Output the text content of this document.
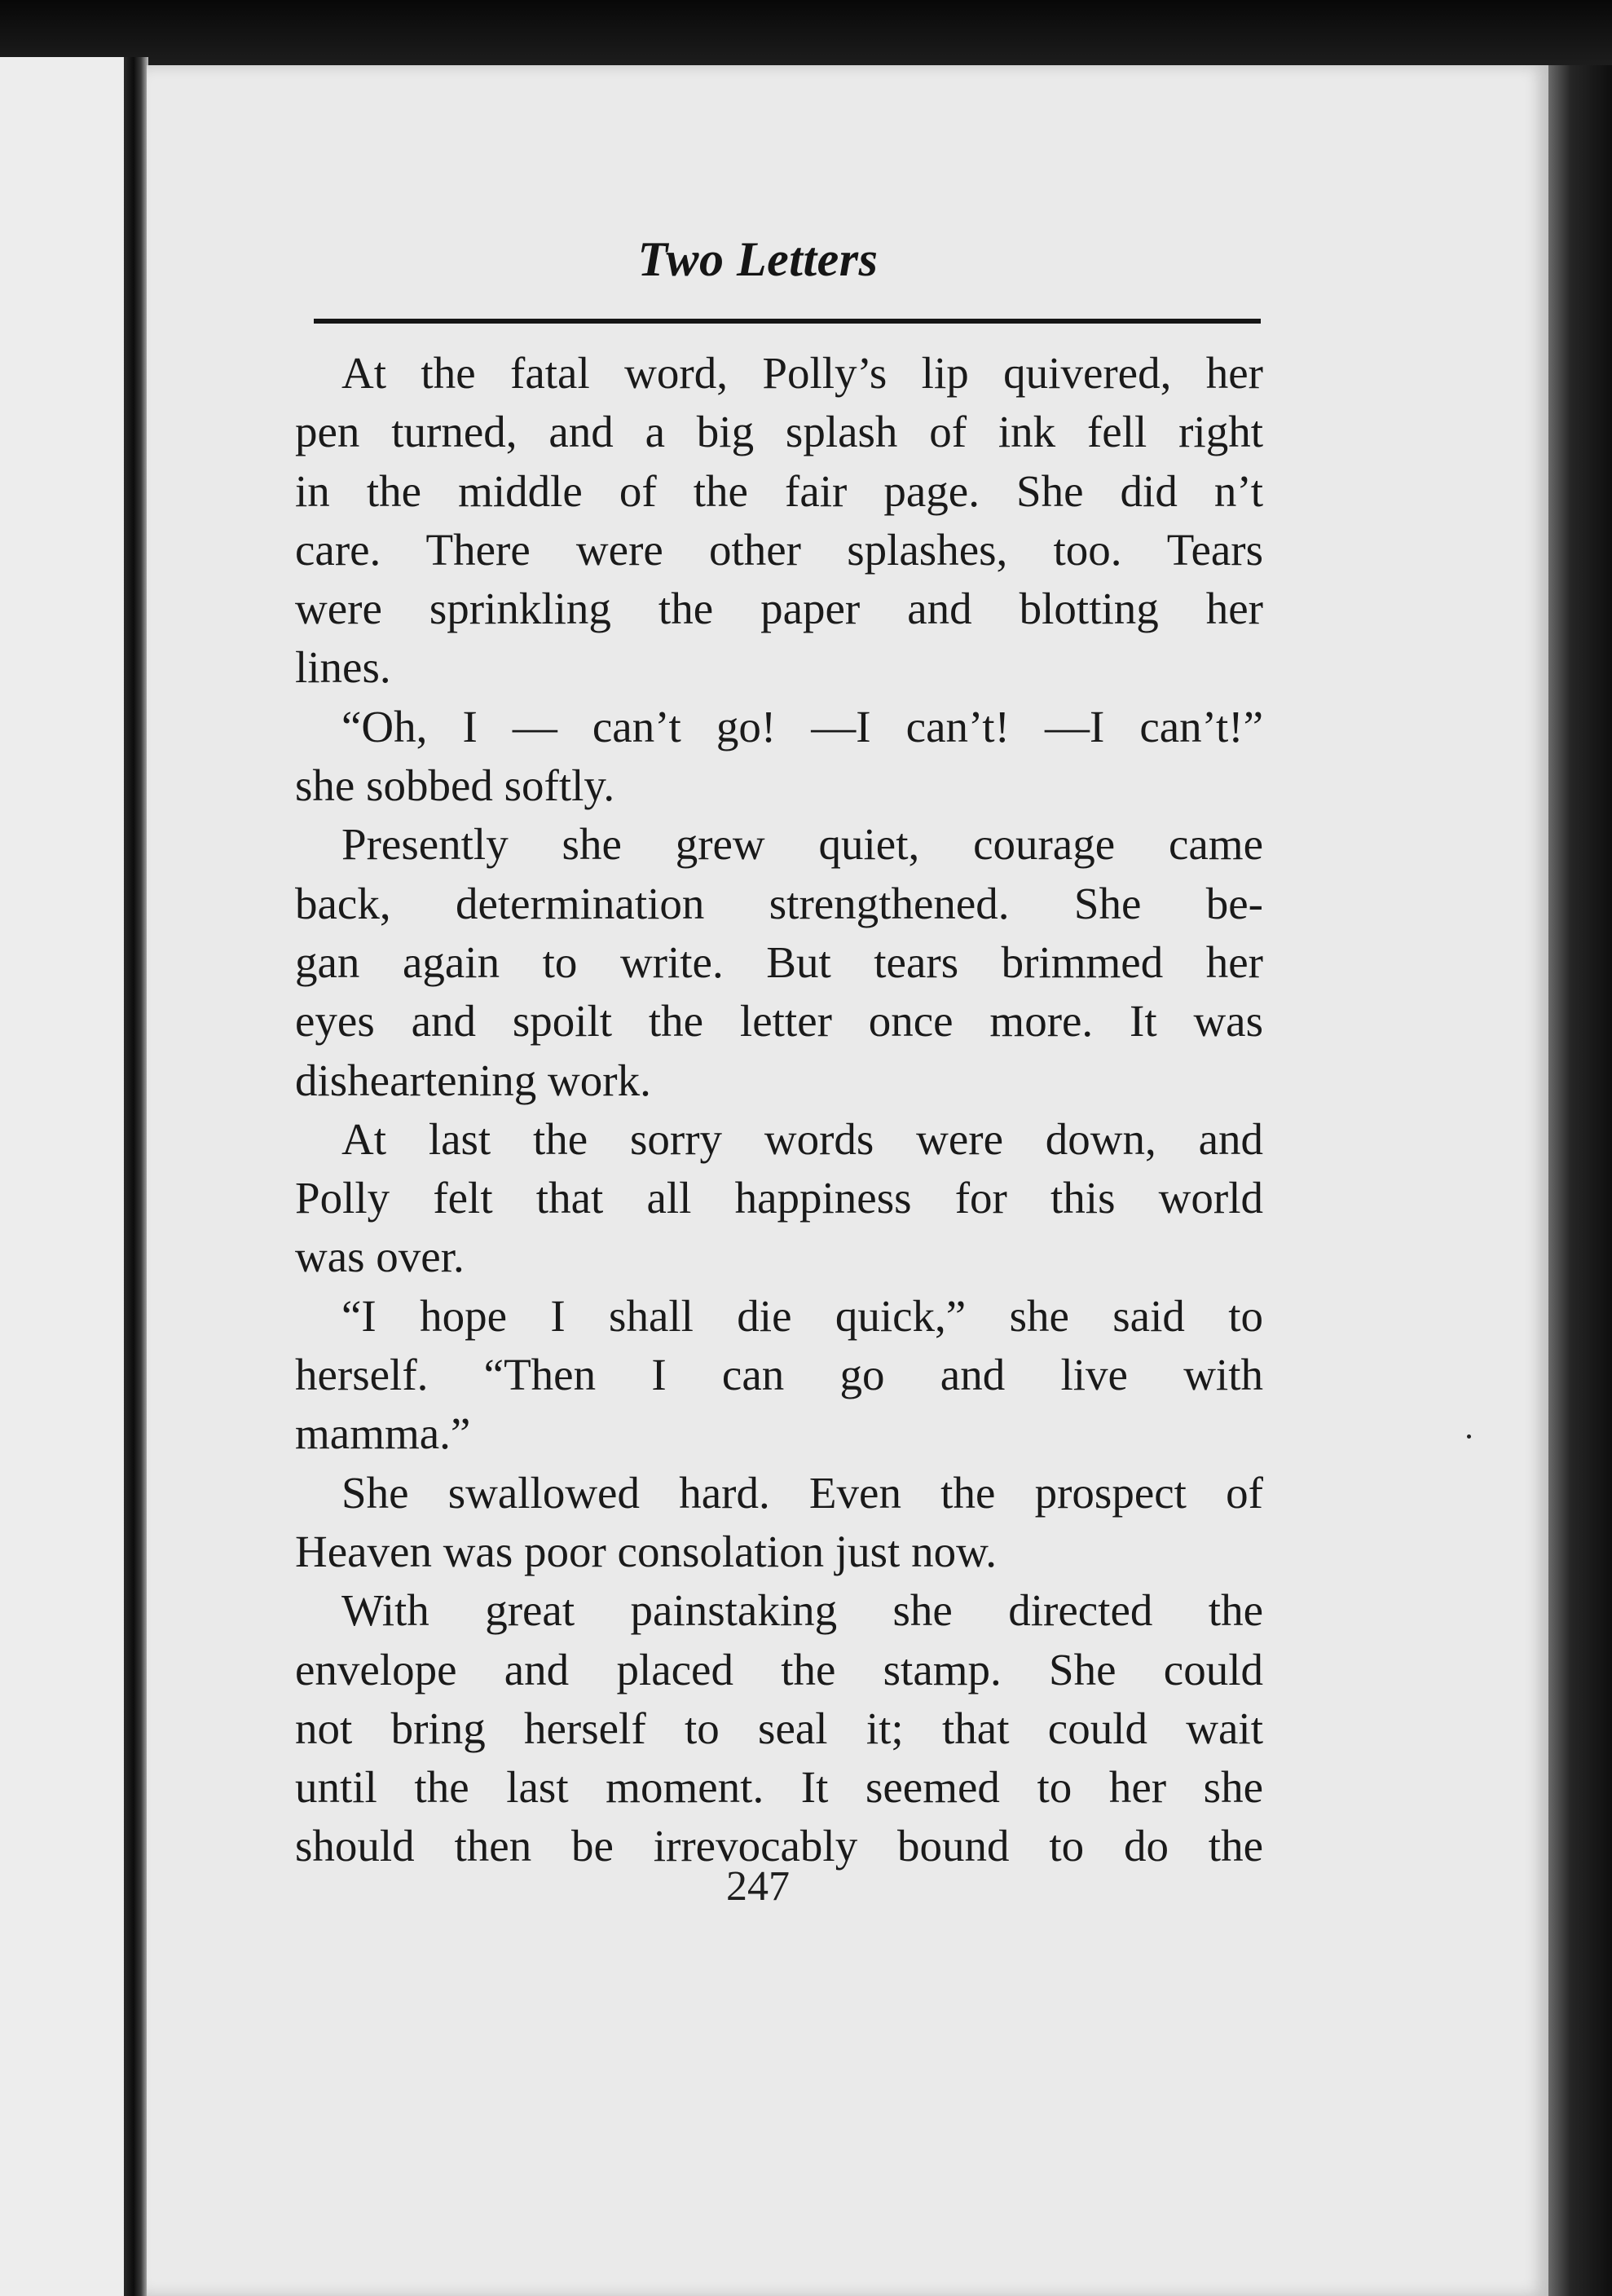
Two Letters
At the fatal word, Polly’s lip quivered, her
pen turned, and a big splash of ink fell right
in the middle of the fair page. She did n’t
care. There were other splashes, too. Tears
were sprinkling the paper and blotting her
lines.
“Oh, I — can’t go! —I can’t! —I can’t!”
she sobbed softly.
Presently she grew quiet, courage came
back, determination strengthened. She be-
gan again to write. But tears brimmed her
eyes and spoilt the letter once more. It was
disheartening work.
At last the sorry words were down, and
Polly felt that all happiness for this world
was over.
“I hope I shall die quick,” she said to
herself. “Then I can go and live with
mamma.”
She swallowed hard. Even the prospect of
Heaven was poor consolation just now.
With great painstaking she directed the
envelope and placed the stamp. She could
not bring herself to seal it; that could wait
until the last moment. It seemed to her she
should then be irrevocably bound to do the
247
